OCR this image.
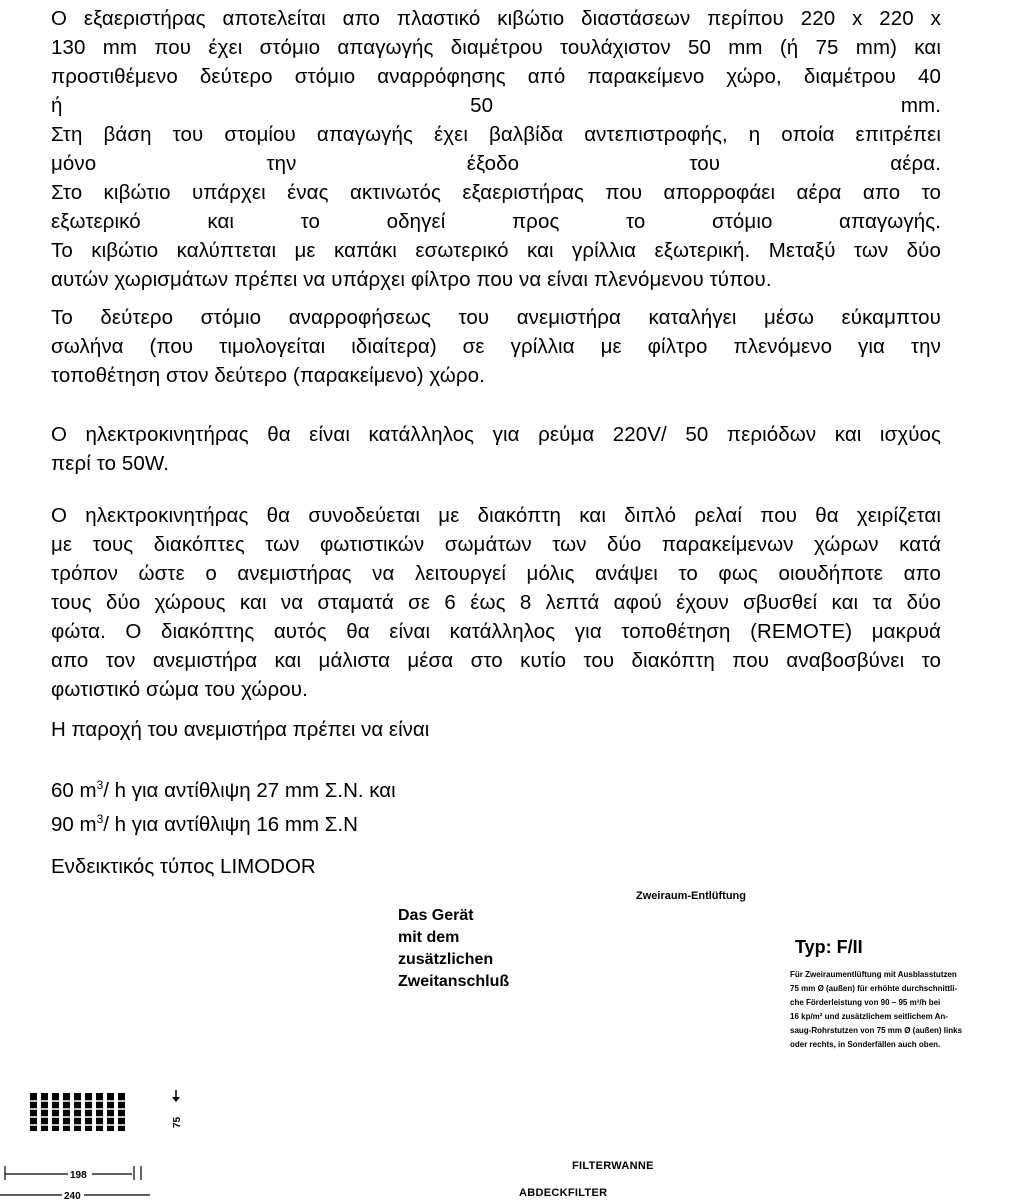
Ο εξαεριστήρας αποτελείται απο πλαστικό κιβώτιο διαστάσεων περίπου 220 x 220 x
130 mm που έχει στόμιο απαγωγής διαμέτρου τουλάχιστον 50 mm (ή 75 mm) και
προστιθέμενο δεύτερο στόμιο αναρρόφησης από παρακείμενο χώρο, διαμέτρου 40
ή 50 mm.
Στη βάση του στομίου απαγωγής έχει βαλβίδα αντεπιστροφής, η οποία επιτρέπει
μόνο την έξοδο του αέρα.
Στο κιβώτιο υπάρχει ένας ακτινωτός εξαεριστήρας που απορροφάει αέρα απο το
εξωτερικό και το οδηγεί προς το στόμιο απαγωγής.
Το κιβώτιο καλύπτεται με καπάκι εσωτερικό και γρίλλια εξωτερική. Μεταξύ των δύο
αυτών χωρισμάτων πρέπει να υπάρχει φίλτρο που να είναι πλενόμενου τύπου.
Το δεύτερο στόμιο αναρροφήσεως του ανεμιστήρα καταλήγει μέσω εύκαμπτου
σωλήνα (που τιμολογείται ιδιαίτερα) σε γρίλλια με φίλτρο πλενόμενο για την
τοποθέτηση στον δεύτερο (παρακείμενο) χώρο.
Ο ηλεκτροκινητήρας θα είναι κατάλληλος για ρεύμα 220V/ 50 περιόδων και ισχύος
περί το 50W.
Ο ηλεκτροκινητήρας θα συνοδεύεται με διακόπτη και διπλό ρελαί που θα χειρίζεται
με τους διακόπτες των φωτιστικών σωμάτων των δύο παρακείμενων χώρων κατά
τρόπον ώστε ο ανεμιστήρας να λειτουργεί μόλις ανάψει το φως οιουδήποτε απο
τους δύο χώρους και να σταματά σε 6 έως 8 λεπτά αφού έχουν σβυσθεί και τα δύο
φώτα. Ο διακόπτης αυτός θα είναι κατάλληλος για τοποθέτηση (REMOTE) μακρυά
απο τον ανεμιστήρα και μάλιστα μέσα στο κυτίο του διακόπτη που αναβοσβύνει το
φωτιστικό σώμα του χώρου.
Η παροχή του ανεμιστήρα πρέπει να είναι
60 $m^3/$ h για αντίθλιψη 27 mm Σ.Ν. και
90 $m^3/$ h για αντίθλιψη 16 mm Σ.Ν
Ενδεικτικός τύπος LIMODOR
Das Gerät
mit dem
zusätzlichen
Zweitanschluß
Zweiraum-Entlüftung
Typ: F/II
Für Zweiraumentlüftung mit Ausblasstutzen
75 mm Ø (außen) für erhöhte durchschnittli-
che Förderleistung von 90 – 95 m³/h bei
16 kp/m² und zusätzlichem seitlichem An-
saug-Rohrstutzen von 75 mm Ø (außen) links
oder rechts, in Sonderfällen auch oben.
75
198
240
FILTERWANNE
ABDECKFILTER
